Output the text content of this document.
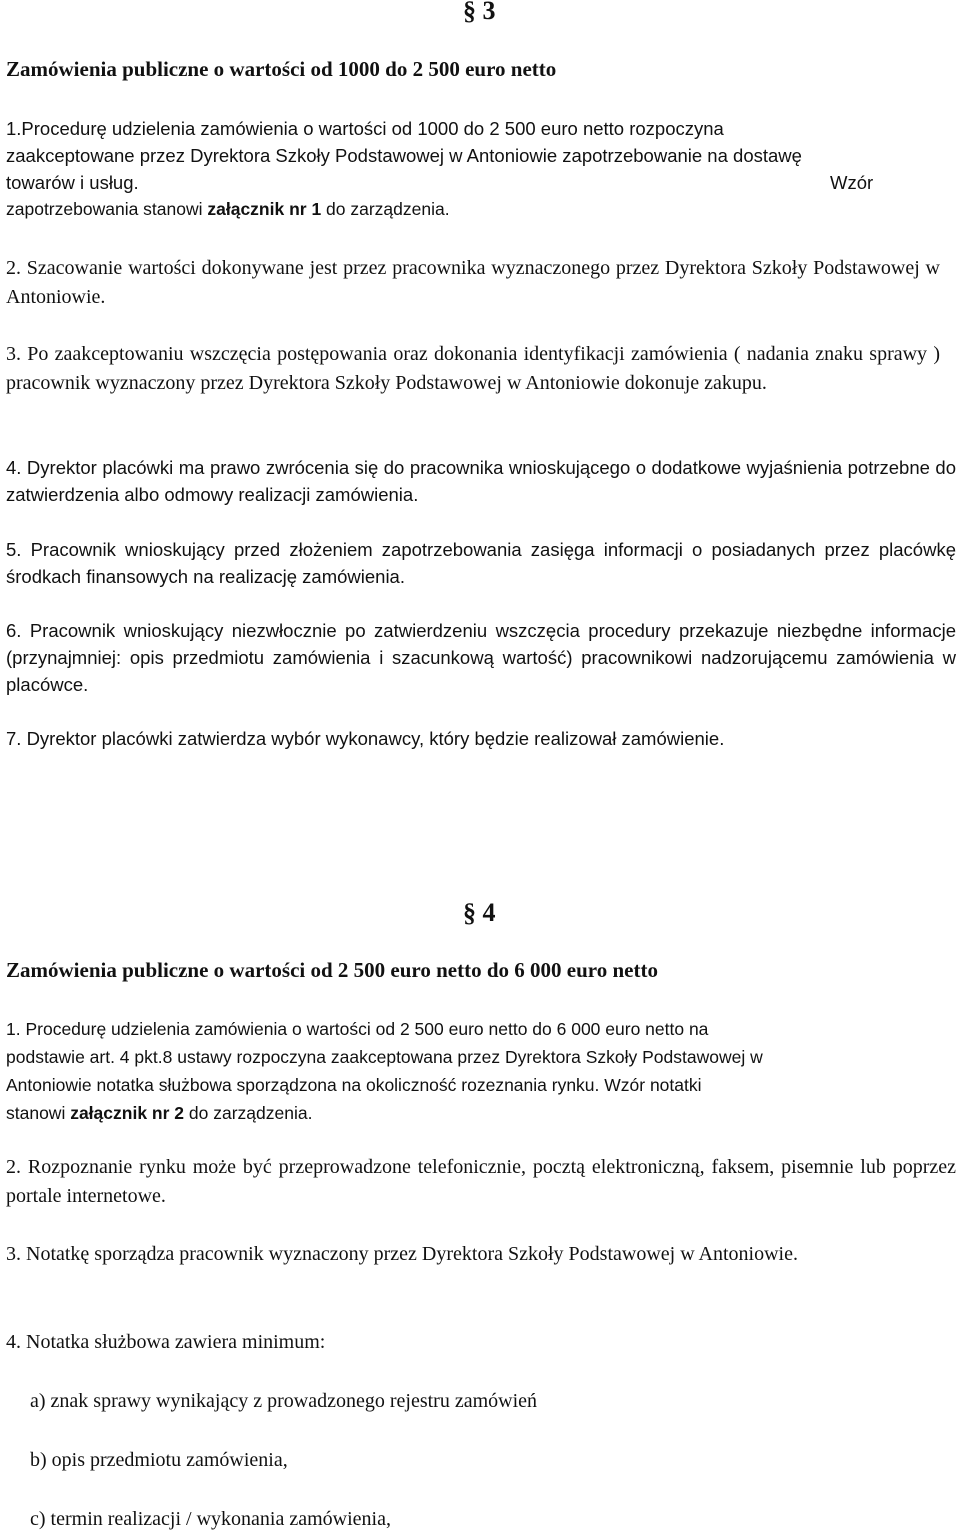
§ 3
Zamówienia publiczne o wartości od 1000 do 2 500 euro netto
1.Procedurę udzielenia zamówienia o wartości od 1000 do 2 500 euro netto rozpoczyna
zaakceptowane przez Dyrektora Szkoły Podstawowej w Antoniowie zapotrzebowanie na dostawę
towarów i usług.	Wzór
zapotrzebowania stanowi załącznik nr 1 do zarządzenia.

2. Szacowanie wartości dokonywane jest przez pracownika wyznaczonego przez Dyrektora Szkoły Podstawowej w Antoniowie.

3. Po zaakceptowaniu wszczęcia postępowania oraz dokonania identyfikacji zamówienia ( nadania znaku sprawy ) pracownik wyznaczony przez Dyrektora Szkoły Podstawowej w Antoniowie dokonuje zakupu.

4. Dyrektor placówki ma prawo zwrócenia się do pracownika wnioskującego o dodatkowe wyjaśnienia potrzebne do zatwierdzenia albo odmowy realizacji zamówienia.

5. Pracownik wnioskujący przed złożeniem zapotrzebowania zasięga informacji o posiadanych przez placówkę środkach finansowych na realizację zamówienia.

6. Pracownik wnioskujący niezwłocznie po zatwierdzeniu wszczęcia procedury przekazuje niezbędne informacje (przynajmniej: opis przedmiotu zamówienia i szacunkową wartość) pracownikowi nadzorującemu zamówienia w placówce.

7. Dyrektor placówki zatwierdza wybór wykonawcy, który będzie realizował zamówienie.

§ 4
Zamówienia publiczne o wartości od 2 500 euro netto do 6 000 euro netto
1. Procedurę udzielenia zamówienia o wartości od 2 500 euro netto do 6 000 euro netto na
podstawie art. 4 pkt.8 ustawy rozpoczyna zaakceptowana przez Dyrektora Szkoły Podstawowej w
Antoniowie notatka służbowa sporządzona na okoliczność rozeznania rynku. Wzór notatki
stanowi załącznik nr 2 do zarządzenia.

2. Rozpoznanie rynku może być przeprowadzone telefonicznie, pocztą elektroniczną, faksem, pisemnie lub poprzez portale internetowe.

3. Notatkę sporządza pracownik wyznaczony przez Dyrektora Szkoły Podstawowej w Antoniowie.

4. Notatka służbowa zawiera minimum:

a) znak sprawy wynikający z prowadzonego rejestru zamówień

b) opis przedmiotu zamówienia,

c) termin realizacji / wykonania zamówienia,
